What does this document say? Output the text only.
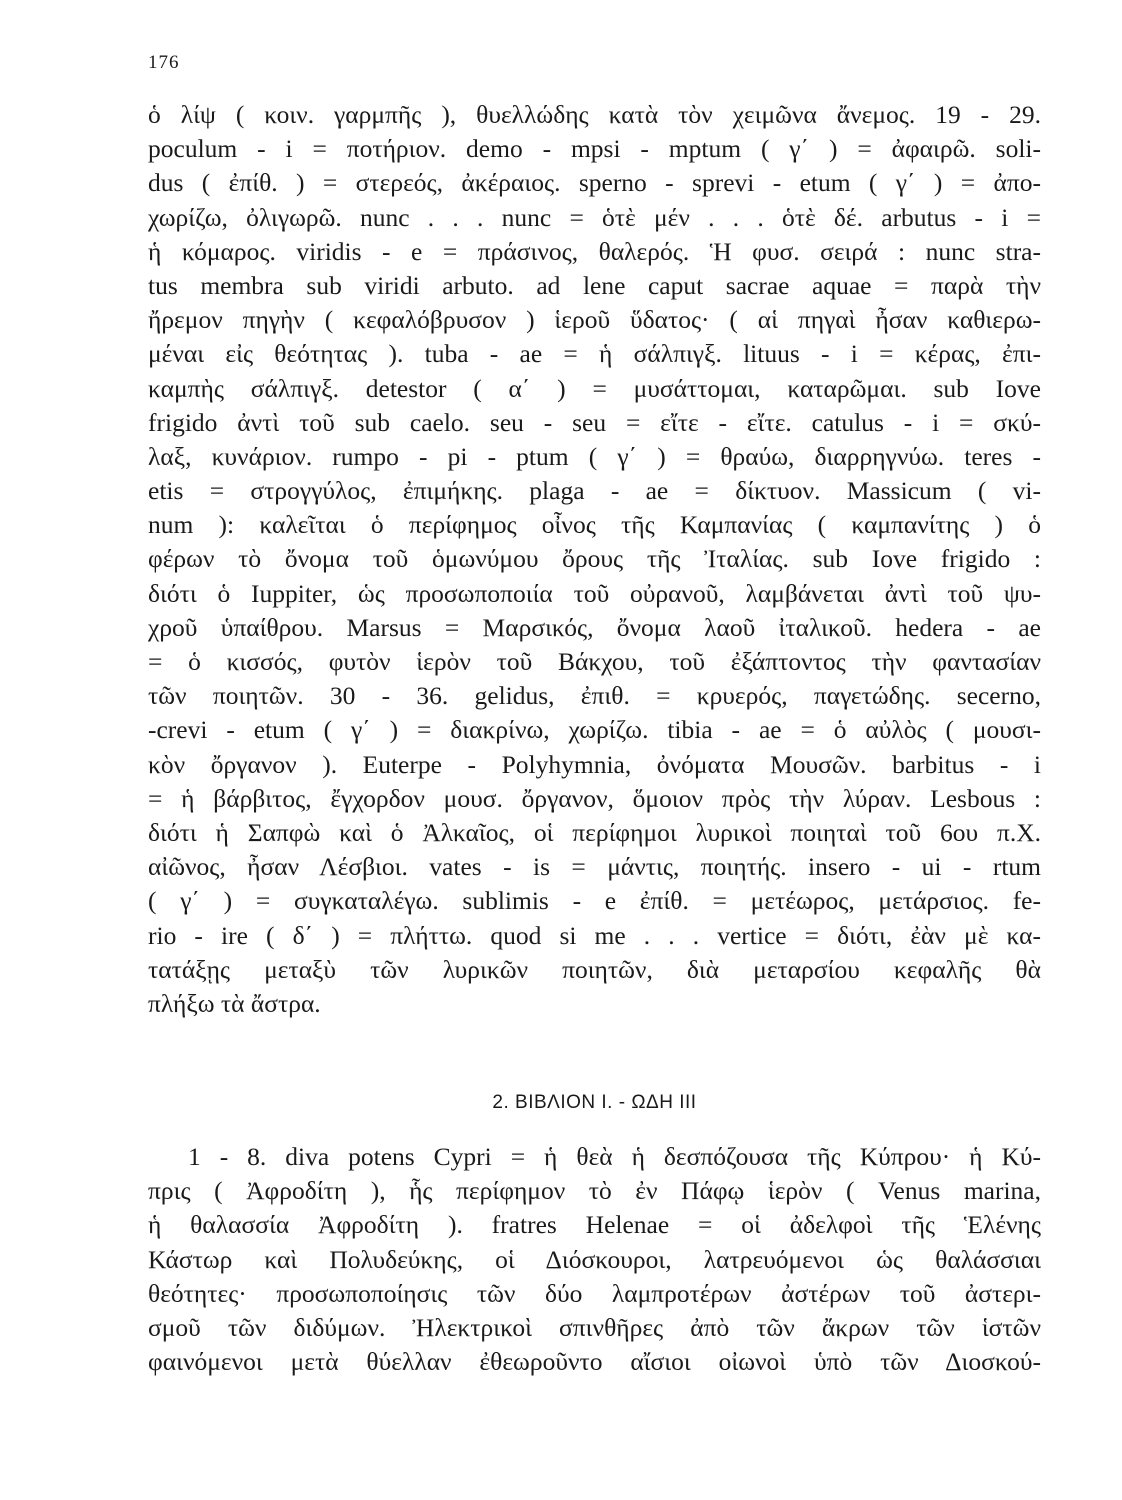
176

ὁ λίψ ( κοιν. γαρμπῆς ), θυελλώδης κατὰ τὸν χειμῶνα ἄνεμος. 19 - 29.
poculum - i = ποτήριον. demo - mpsi - mptum ( γ΄ ) = ἀφαιρῶ. soli-
dus ( ἐπίθ. ) = στερεός, ἀκέραιος. sperno - sprevi - etum ( γ΄ ) = ἀπο-
χωρίζω, ὀλιγωρῶ. nunc . . . nunc = ὁτὲ μέν . . . ὁτὲ δέ. arbutus - i =
ἡ κόμαρος. viridis - e = πράσινος, θαλερός. Ἡ φυσ. σειρά : nunc stra-
tus membra sub viridi arbuto. ad lene caput sacrae aquae = παρὰ τὴν
ἤρεμον πηγὴν ( κεφαλόβρυσον ) ἱεροῦ ὕδατος· ( αἱ πηγαὶ ἦσαν καθιερω-
μέναι εἰς θεότητας ). tuba - ae = ἡ σάλπιγξ. lituus - i = κέρας, ἐπι-
καμπὴς σάλπιγξ. detestor ( α΄ ) = μυσάττομαι, καταρῶμαι. sub Iove
frigido ἀντὶ τοῦ sub caelo. seu - seu = εἴτε - εἴτε. catulus - i = σκύ-
λαξ, κυνάριον. rumpo - pi - ptum ( γ΄ ) = θραύω, διαρρηγνύω. teres -
etis = στρογγύλος, ἐπιμήκης. plaga - ae = δίκτυον. Massicum ( vi-
num ): καλεῖται ὁ περίφημος οἶνος τῆς Καμπανίας ( καμπανίτης ) ὁ
φέρων τὸ ὄνομα τοῦ ὁμωνύμου ὄρους τῆς Ἰταλίας. sub Iove frigido :
διότι ὁ Iuppiter, ὡς προσωποποιία τοῦ οὐρανοῦ, λαμβάνεται ἀντὶ τοῦ ψυ-
χροῦ ὑπαίθρου. Marsus = Μαρσικός, ὄνομα λαοῦ ἰταλικοῦ. hedera - ae
= ὁ κισσός, φυτὸν ἱερὸν τοῦ Βάκχου, τοῦ ἐξάπτοντος τὴν φαντασίαν
τῶν ποιητῶν. 30 - 36. gelidus, ἐπιθ. = κρυερός, παγετώδης. secerno,
-crevi - etum ( γ΄ ) = διακρίνω, χωρίζω. tibia - ae = ὁ αὐλὸς ( μουσι-
κὸν ὄργανον ). Euterpe - Polyhymnia, ὀνόματα Μουσῶν. barbitus - i
= ἡ βάρβιτος, ἔγχορδον μουσ. ὄργανον, ὅμοιον πρὸς τὴν λύραν. Lesbous :
διότι ἡ Σαπφὼ καὶ ὁ Ἀλκαῖος, οἱ περίφημοι λυρικοὶ ποιηταὶ τοῦ 6ου π.Χ.
αἰῶνος, ἦσαν Λέσβιοι. vates - is = μάντις, ποιητής. insero - ui - rtum
( γ΄ ) = συγκαταλέγω. sublimis - e ἐπίθ. = μετέωρος, μετάρσιος. fe-
rio - ire ( δ΄ ) = πλήττω. quod si me . . . vertice = διότι, ἐὰν μὲ κα-
τατάξῃς μεταξὺ τῶν λυρικῶν ποιητῶν, διὰ μεταρσίου κεφαλῆς θὰ
πλήξω τὰ ἄστρα.
2. ΒΙΒΛΙΟΝ Ι. - ΩΔΗ ΙΙΙ
1 - 8. diva potens Cypri = ἡ θεὰ ἡ δεσπόζουσα τῆς Κύπρου· ἡ Κύ-
πρις ( Ἀφροδίτη ), ἧς περίφημον τὸ ἐν Πάφῳ ἱερὸν ( Venus marina,
ἡ θαλασσία Ἀφροδίτη ). fratres Helenae = οἱ ἀδελφοὶ τῆς Ἑλένης
Κάστωρ καὶ Πολυδεύκης, οἱ Διόσκουροι, λατρευόμενοι ὡς θαλάσσιαι
θεότητες· προσωποποίησις τῶν δύο λαμπροτέρων ἀστέρων τοῦ ἀστερι-
σμοῦ τῶν διδύμων. Ἠλεκτρικοὶ σπινθῆρες ἀπὸ τῶν ἄκρων τῶν ἱστῶν
φαινόμενοι μετὰ θύελλαν ἐθεωροῦντο αἴσιοι οἰωνοὶ ὑπὸ τῶν Διοσκού-
